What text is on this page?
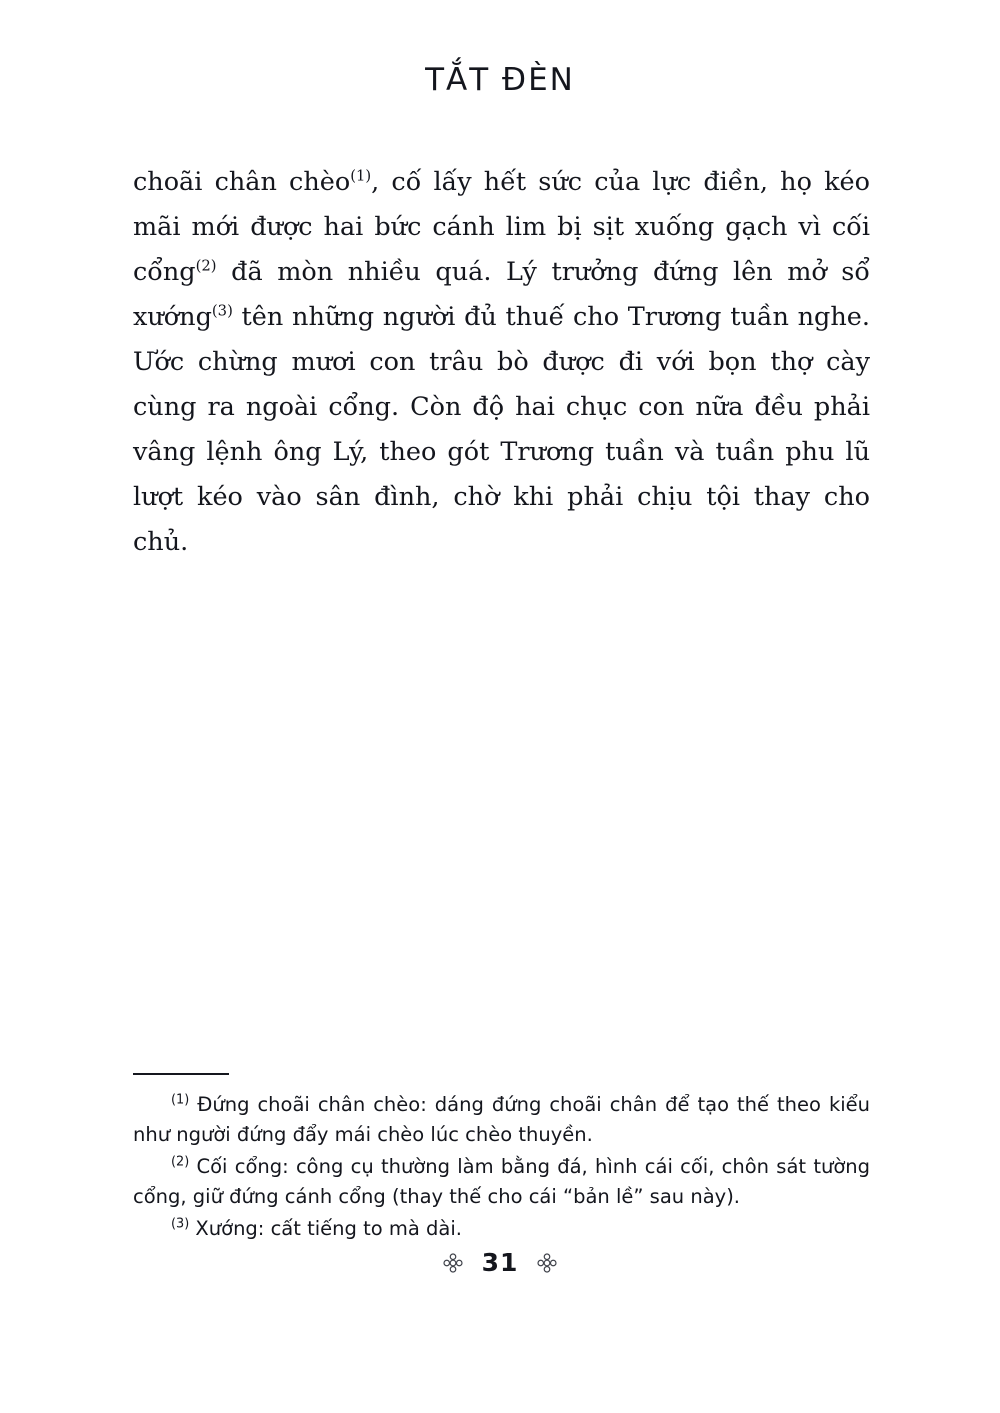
TẮT ĐÈN

choãi chân chèo$^{(1)}$, cố lấy hết sức của lực điền, họ kéo mãi mới được hai bức cánh lim bị sịt xuống gạch vì cối cổng$^{(2)}$ đã mòn nhiều quá. Lý trưởng đứng lên mở sổ xướng$^{(3)}$ tên những người đủ thuế cho Trương tuần nghe. Ước chừng mươi con trâu bò được đi với bọn thợ cày cùng ra ngoài cổng. Còn độ hai chục con nữa đều phải vâng lệnh ông Lý, theo gót Trương tuần và tuần phu lũ lượt kéo vào sân đình, chờ khi phải chịu tội thay cho chủ.

$^{(1)}$ Đứng choãi chân chèo: dáng đứng choãi chân để tạo thế theo kiểu như người đứng đẩy mái chèo lúc chèo thuyền.

$^{(2)}$ Cối cổng: công cụ thường làm bằng đá, hình cái cối, chôn sát tường cổng, giữ đứng cánh cổng (thay thế cho cái “bản lề” sau này).

$^{(3)}$ Xướng: cất tiếng to mà dài.

31
